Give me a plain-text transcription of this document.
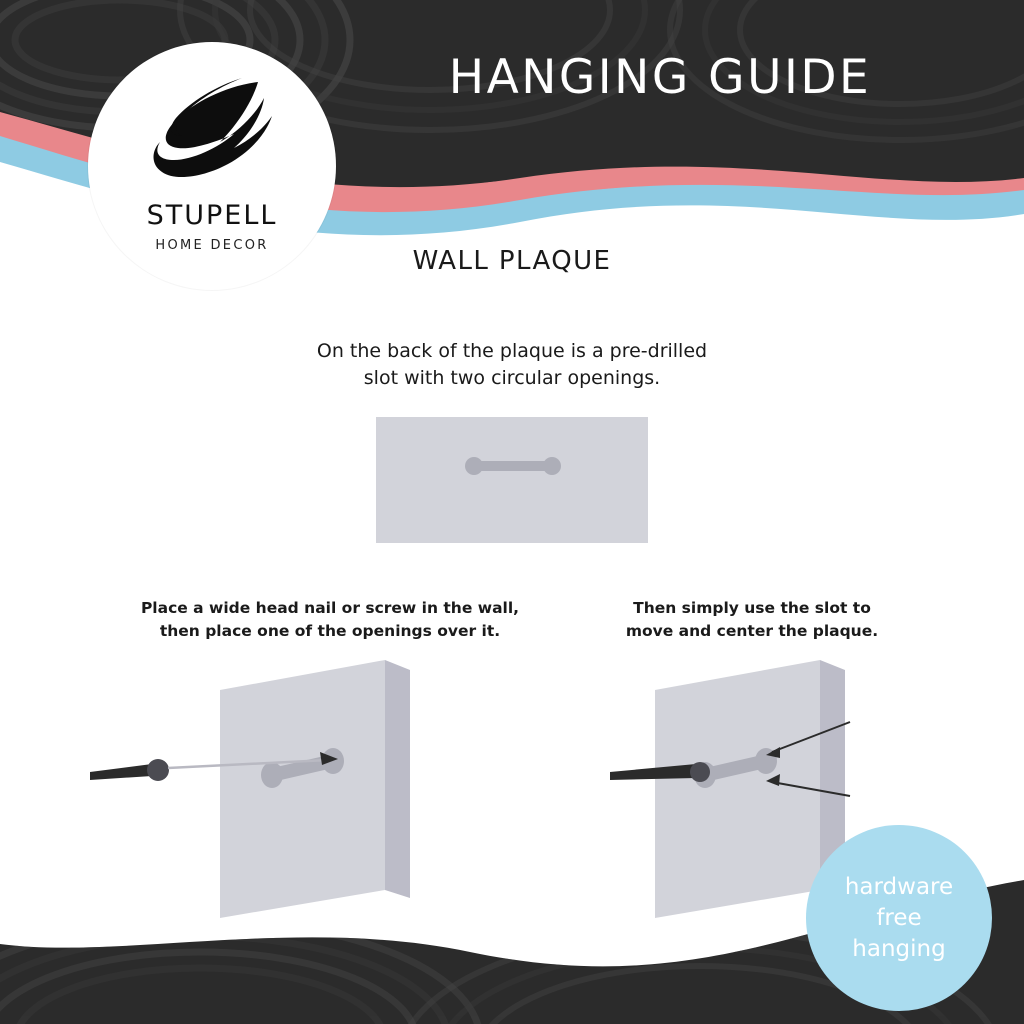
STUPELL
HOME DECOR
HANGING GUIDE
WALL PLAQUE
On the back of the plaque is a pre-drilled
slot with two circular openings.
Place a wide head nail or screw in the wall,
then place one of the openings over it.
Then simply use the slot to
move and center the plaque.
hardware
free
hanging
